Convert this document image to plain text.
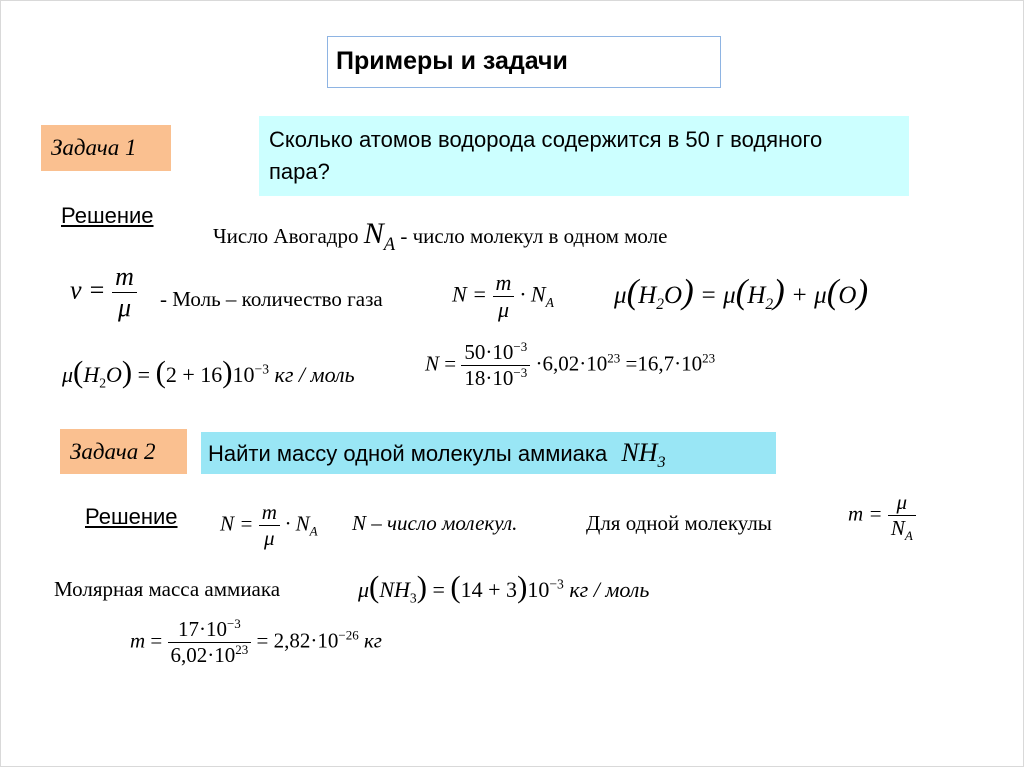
Примеры и задачи
Задача 1	Сколько атомов водорода содержится в 50 г водяного пара?
Решение
Число Авогадро $N_A$ - число молекул в одном моле
$\nu = \frac{m}{\mu}$ - Моль – количество газа	$N = \frac{m}{\mu} \cdot N_A$ $\mu(H_2O) = \mu(H_2) + \mu(O)$
$\mu(H_2O) = (2 + 16)10^{-3}$ кг / моль	$N = \frac{50\cdot 10^{-3}}{18\cdot 10^{-3}} \cdot 6,02\cdot 10^{23} =16,7\cdot 10^{23}$
Задача 2	Найти массу одной молекулы аммиака $NH_3$
Решение $N = \frac{m}{\mu} \cdot N_A$ N – число молекул.	Для одной молекулы	$m = \frac{\mu}{N_A}$
Молярная масса аммиака	$\mu(NH_3) = (14 + 3)10^{-3}$ кг / моль
$m = \frac{17\cdot 10^{-3}}{6,02\cdot 10^{23}} = 2,82\cdot 10^{-26}$ кг
